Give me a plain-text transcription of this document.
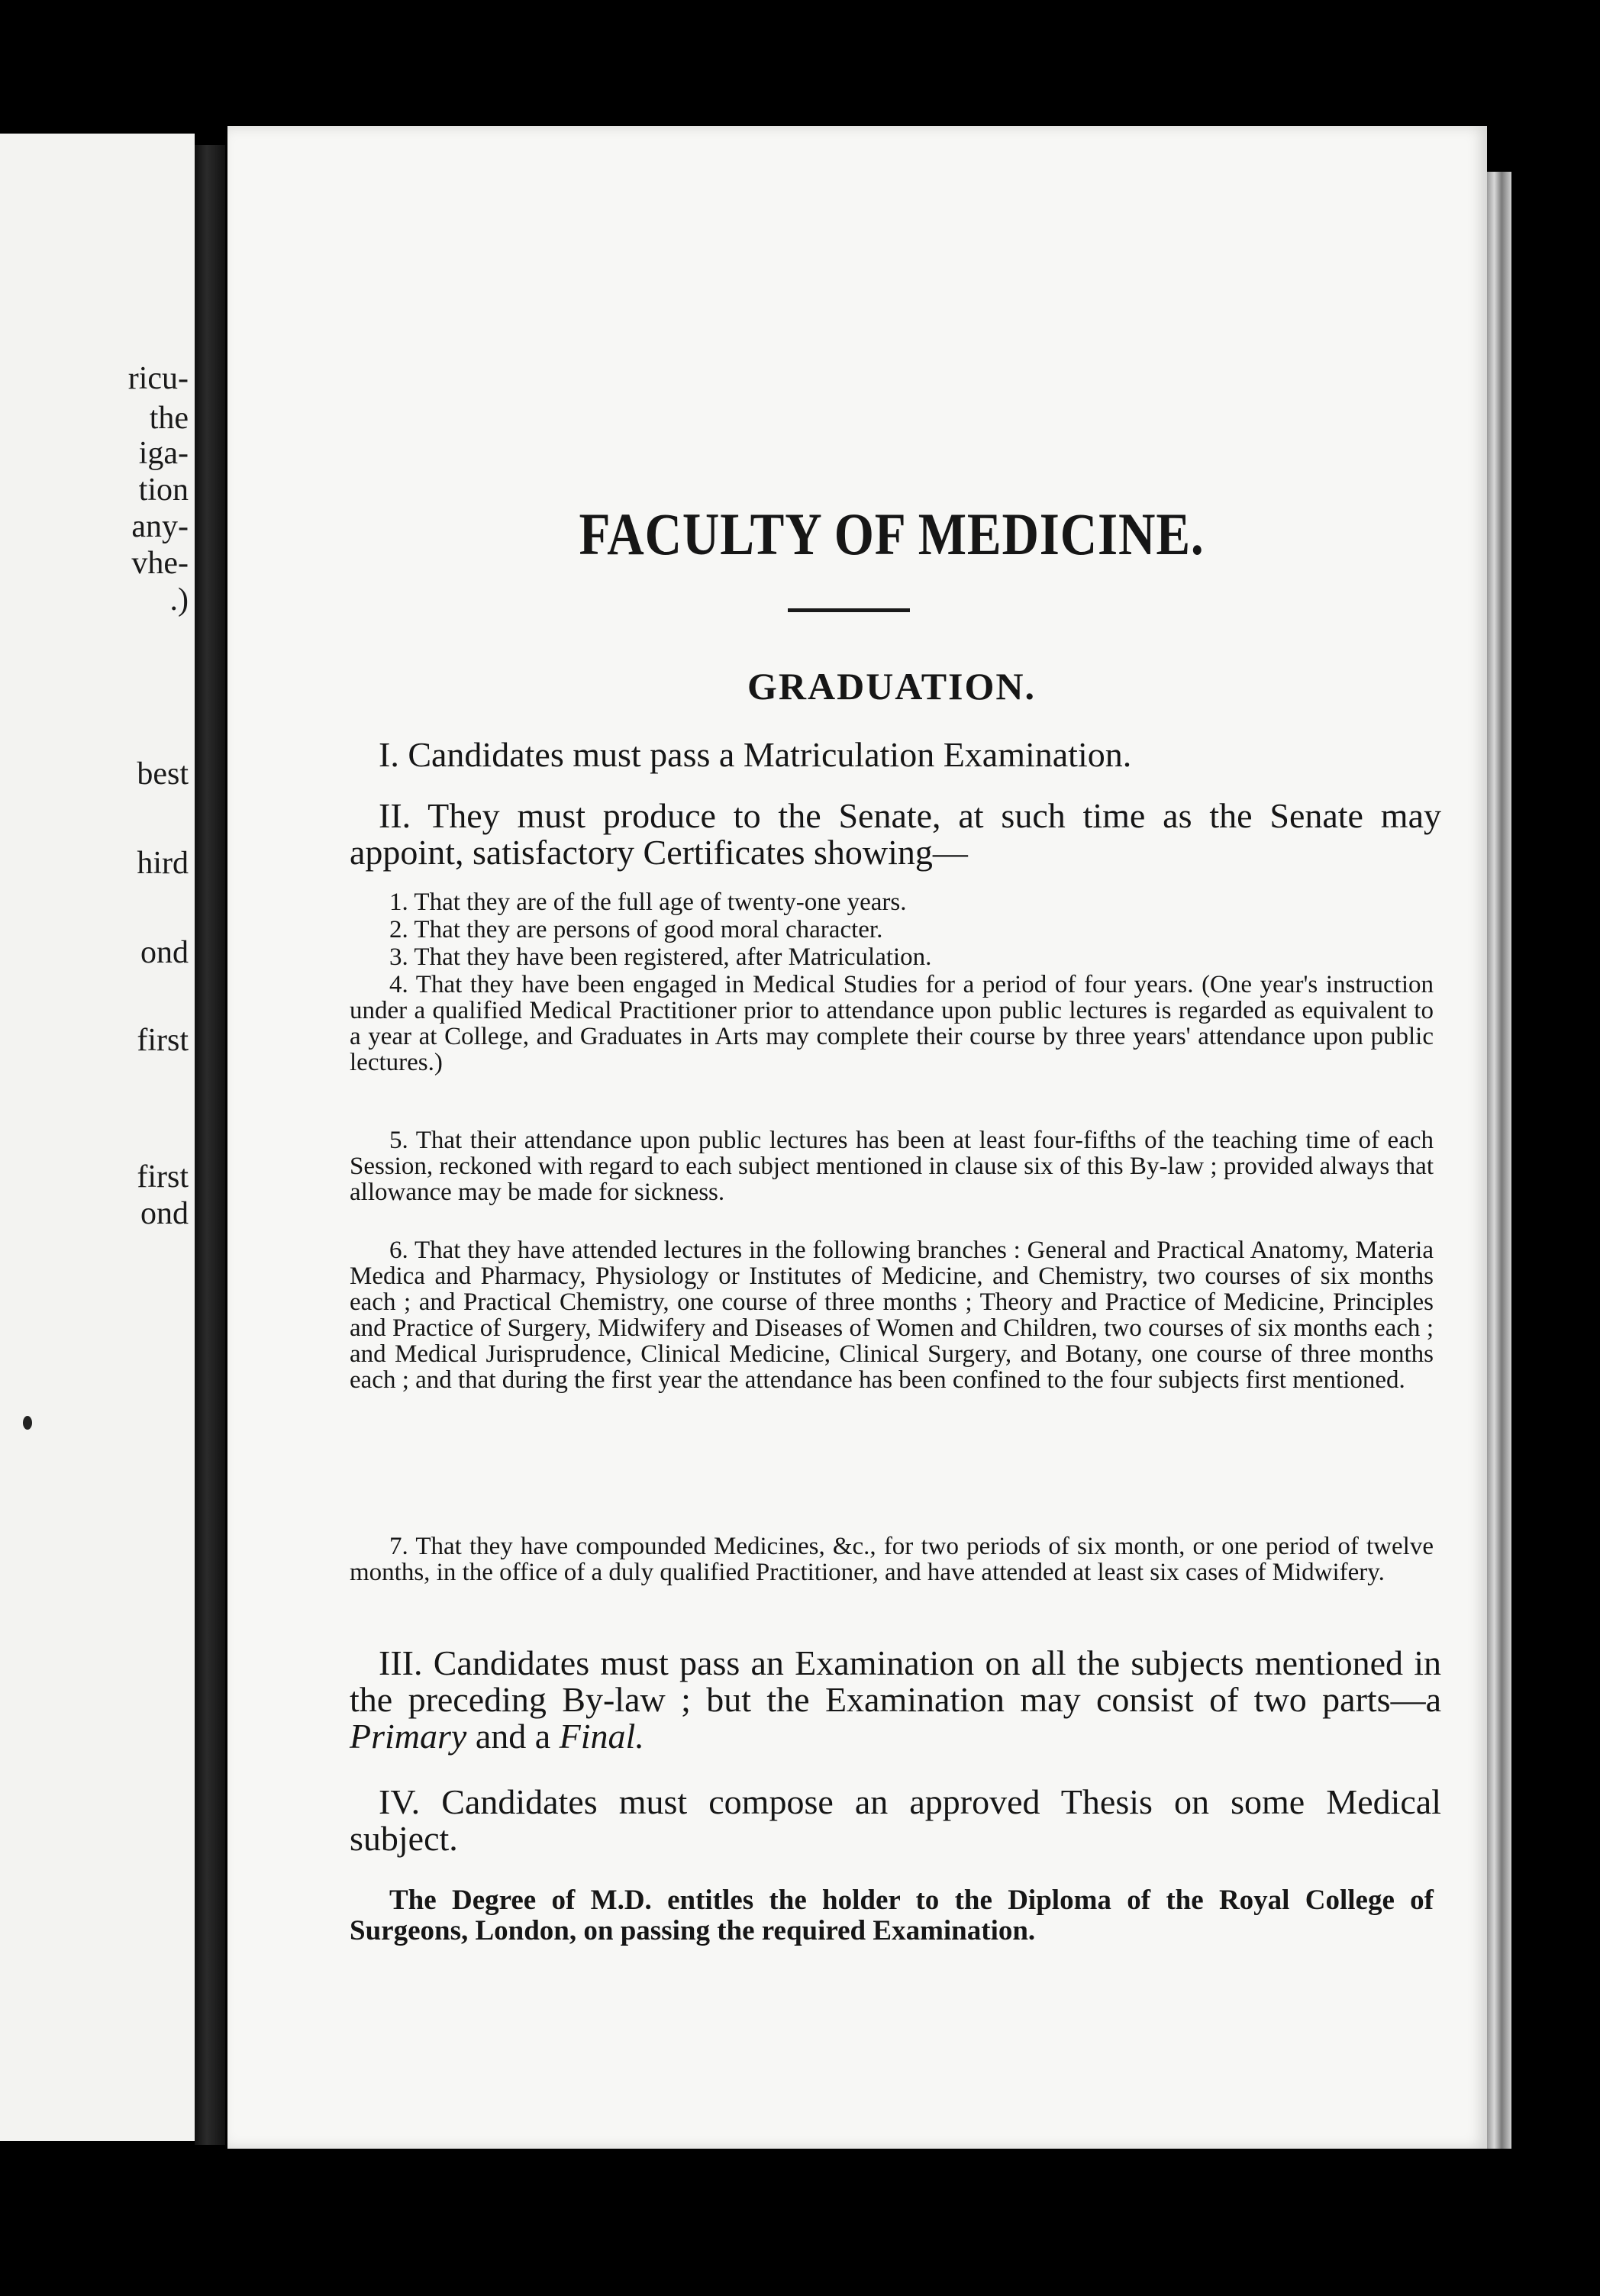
ricu-
the
iga-
tion
any-
vhe-
.)
best
hird
ond
first
first
ond
FACULTY OF MEDICINE.
GRADUATION.
I. Candidates must pass a Matriculation Examination.
II. They must produce to the Senate, at such time as the Senate may appoint, satisfactory Certificates showing—
1. That they are of the full age of twenty-one years.
2. That they are persons of good moral character.
3. That they have been registered, after Matriculation.
4. That they have been engaged in Medical Studies for a period of four years. (One year's instruction under a qualified Medical Practitioner prior to attendance upon public lectures is regarded as equivalent to a year at College, and Graduates in Arts may complete their course by three years' attendance upon public lectures.)
5. That their attendance upon public lectures has been at least four-fifths of the teaching time of each Session, reckoned with regard to each subject mentioned in clause six of this By-law ; provided always that allowance may be made for sickness.
6. That they have attended lectures in the following branches : General and Practical Anatomy, Materia Medica and Pharmacy, Physiology or Institutes of Medicine, and Chemistry, two courses of six months each ; and Practical Chemistry, one course of three months ; Theory and Practice of Medicine, Principles and Practice of Surgery, Midwifery and Diseases of Women and Children, two courses of six months each ; and Medical Jurisprudence, Clinical Medicine, Clinical Surgery, and Botany, one course of three months each ; and that during the first year the attendance has been confined to the four subjects first mentioned.
7. That they have compounded Medicines, &c., for two periods of six month, or one period of twelve months, in the office of a duly qualified Practitioner, and have attended at least six cases of Midwifery.
III. Candidates must pass an Examination on all the subjects mentioned in the preceding By-law ; but the Examination may consist of two parts—a Primary and a Final.
IV. Candidates must compose an approved Thesis on some Medical subject.
The Degree of M.D. entitles the holder to the Diploma of the Royal College of Surgeons, London, on passing the required Examination.
